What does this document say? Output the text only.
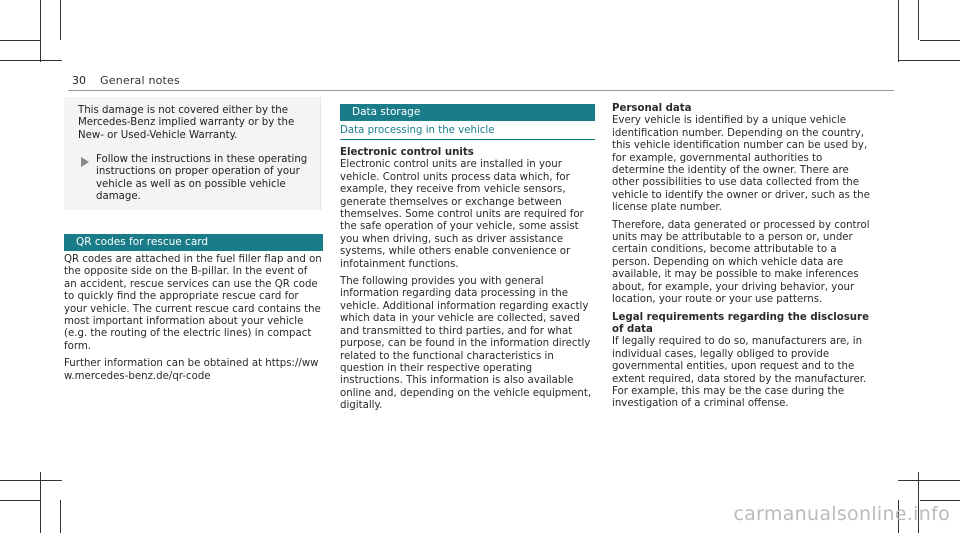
30 General notes
This damage is not covered either by the Mercedes-Benz implied warranty or by the New- or Used-Vehicle Warranty.
Follow the instructions in these operating instructions on proper operation of your vehicle as well as on possible vehicle damage.
QR codes for rescue card

QR codes are attached in the fuel filler flap and on the opposite side on the B-pillar. In the event of an accident, rescue services can use the QR code to quickly find the appropriate rescue card for your vehicle. The current rescue card contains the most important information about your vehicle (e.g. the routing of the electric lines) in compact form.

Further information can be obtained at https://www.mercedes-benz.de/qr-code

Data storage
Data processing in the vehicle
Electronic control units

Electronic control units are installed in your vehicle. Control units process data which, for example, they receive from vehicle sensors, generate themselves or exchange between themselves. Some control units are required for the safe operation of your vehicle, some assist you when driving, such as driver assistance systems, while others enable convenience or infotainment functions.

The following provides you with general information regarding data processing in the vehicle. Additional information regarding exactly which data in your vehicle are collected, saved and transmitted to third parties, and for what purpose, can be found in the information directly related to the functional characteristics in question in their respective operating instructions. This information is also available online and, depending on the vehicle equipment, digitally.

Personal data

Every vehicle is identified by a unique vehicle identification number. Depending on the country, this vehicle identification number can be used by, for example, governmental authorities to determine the identity of the owner. There are other possibilities to use data collected from the vehicle to identify the owner or driver, such as the license plate number.

Therefore, data generated or processed by control units may be attributable to a person or, under certain conditions, become attributable to a person. Depending on which vehicle data are available, it may be possible to make inferences about, for example, your driving behavior, your location, your route or your use patterns.

Legal requirements regarding the disclosure of data

If legally required to do so, manufacturers are, in individual cases, legally obliged to provide governmental entities, upon request and to the extent required, data stored by the manufacturer. For example, this may be the case during the investigation of a criminal offense.

carmanualsonline.info
